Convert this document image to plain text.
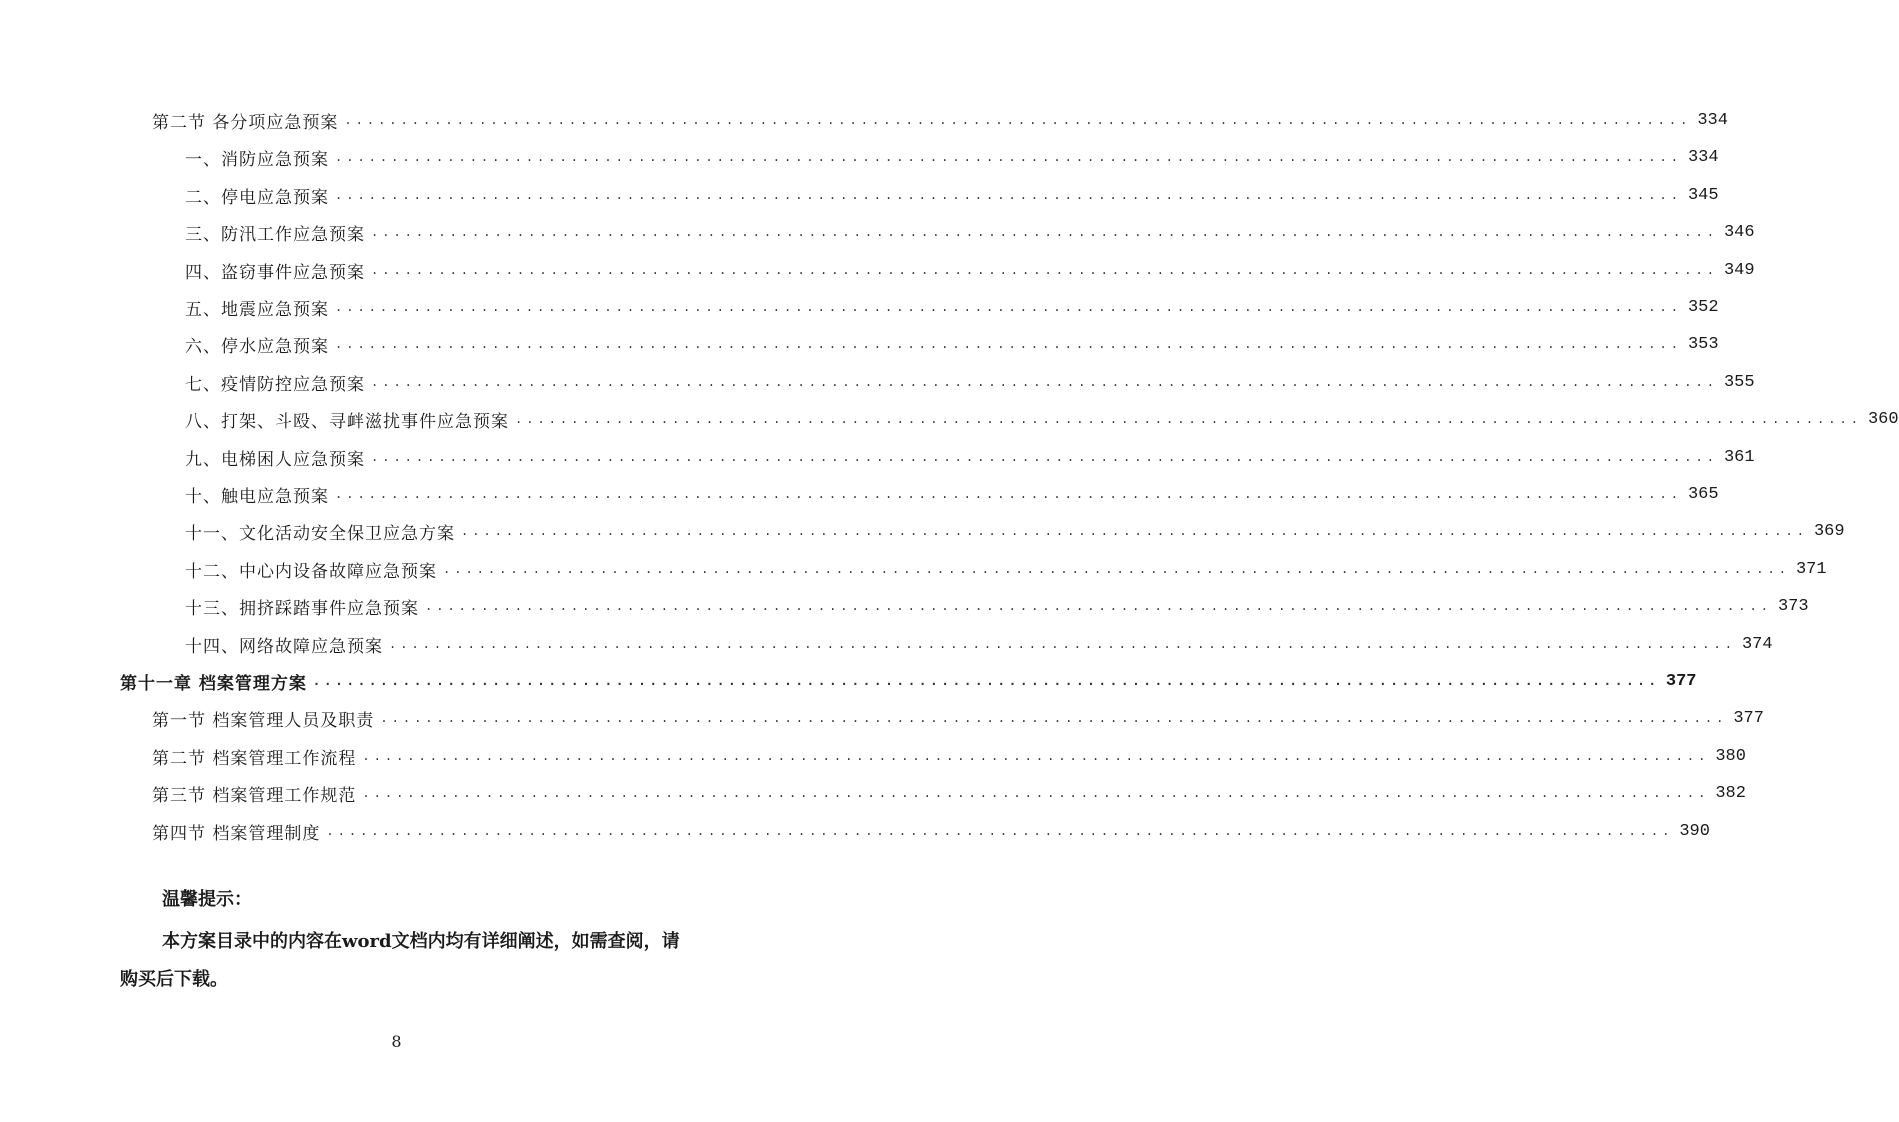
第二节 各分项应急预案 ........................................................................................................................ 334
一、消防应急预案 ........................................................................................................................ 334
二、停电应急预案 ........................................................................................................................ 345
三、防汛工作应急预案 ........................................................................................................................ 346
四、盗窃事件应急预案 ........................................................................................................................ 349
五、地震应急预案 ........................................................................................................................ 352
六、停水应急预案 ........................................................................................................................ 353
七、疫情防控应急预案 ........................................................................................................................ 355
八、打架、斗殴、寻衅滋扰事件应急预案 ........................................................................................................................ 360
九、电梯困人应急预案 ........................................................................................................................ 361
十、触电应急预案 ........................................................................................................................ 365
十一、文化活动安全保卫应急方案 ........................................................................................................................ 369
十二、中心内设备故障应急预案 ........................................................................................................................ 371
十三、拥挤踩踏事件应急预案 ........................................................................................................................ 373
十四、网络故障应急预案 ........................................................................................................................ 374
第十一章 档案管理方案 ........................................................................................................................ 377
第一节 档案管理人员及职责 ........................................................................................................................ 377
第二节 档案管理工作流程 ........................................................................................................................ 380
第三节 档案管理工作规范 ........................................................................................................................ 382
第四节 档案管理制度 ........................................................................................................................ 390
温馨提示：
本方案目录中的内容在word文档内均有详细阐述，如需查阅，请购买后下载。
8
